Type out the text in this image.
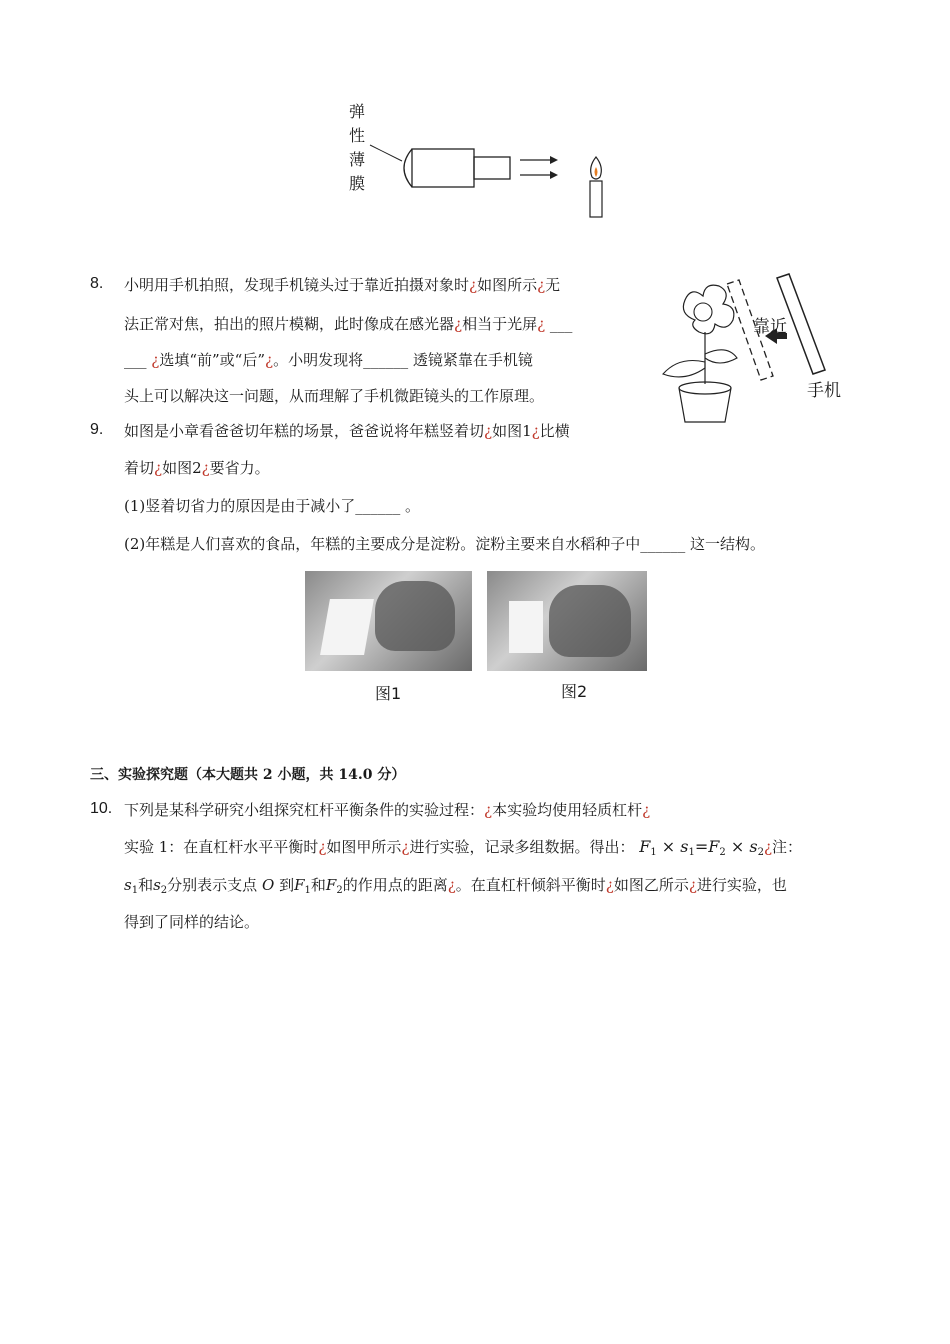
弹
性
薄
膜
8. 小明用手机拍照，发现手机镜头过于靠近拍摄对象时¿如图所示¿无
法正常对焦，拍出的照片模糊，此时像成在感光器¿相当于光屏¿ ___
___ ¿选填“前”或“后”¿。小明发现将______ 透镜紧靠在手机镜
头上可以解决这一问题，从而理解了手机微距镜头的工作原理。
靠近
手机
9. 如图是小章看爸爸切年糕的场景，爸爸说将年糕竖着切¿如图1¿比横
着切¿如图2¿要省力。
(1)竖着切省力的原因是由于减小了______ 。
(2)年糕是人们喜欢的食品，年糕的主要成分是淀粉。淀粉主要来自水稻种子中______ 这一结构。
图1	图2
三、实验探究题（本大题共 2 小题，共 14.0 分）
10. 下列是某科学研究小组探究杠杆平衡条件的实验过程：¿本实验均使用轻质杠杆¿
实验 1：在直杠杆水平平衡时¿如图甲所示¿进行实验，记录多组数据。得出： $F_1 \times s_1=F_2$ × $s_2¿$注：
$s_1$和$s_2$分别表示支点 O 到$F_1$和$F_2$的作用点的距离¿。在直杠杆倾斜平衡时¿如图乙所示¿进行实验，也
得到了同样的结论。
